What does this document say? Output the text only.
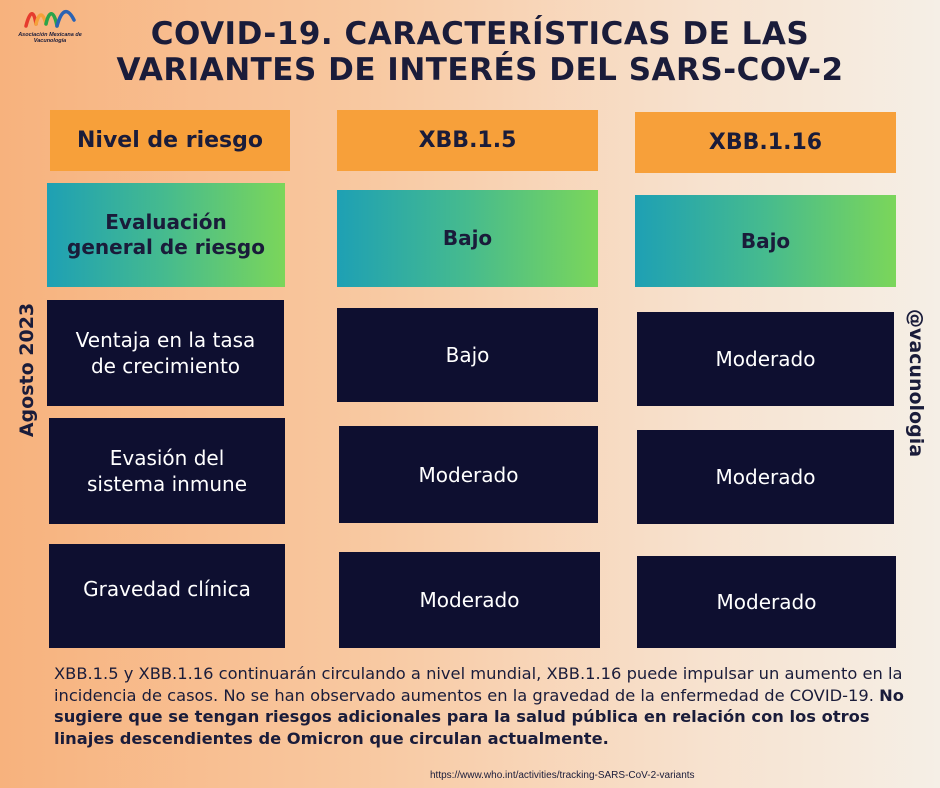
Asociación Mexicana de Vacunología	COVID-19. CARACTERÍSTICAS DE LAS
VARIANTES DE INTERÉS DEL SARS-COV-2
Agosto 2023	@vacunologia
Nivel de riesgo	XBB.1.5	XBB.1.16
Evaluación
general de riesgo	Bajo	Bajo
Ventaja en la tasa
de crecimiento	Bajo	Moderado
Evasión del
sistema inmune	Moderado	Moderado
Gravedad clínica	Moderado	Moderado
XBB.1.5 y XBB.1.16 continuarán circulando a nivel mundial, XBB.1.16 puede impulsar un aumento en la incidencia de casos. No se han observado aumentos en la gravedad de la enfermedad de COVID-19. No sugiere que se tengan riesgos adicionales para la salud pública en relación con los otros linajes descendientes de Omicron que circulan actualmente.
https://www.who.int/activities/tracking-SARS-CoV-2-variants
